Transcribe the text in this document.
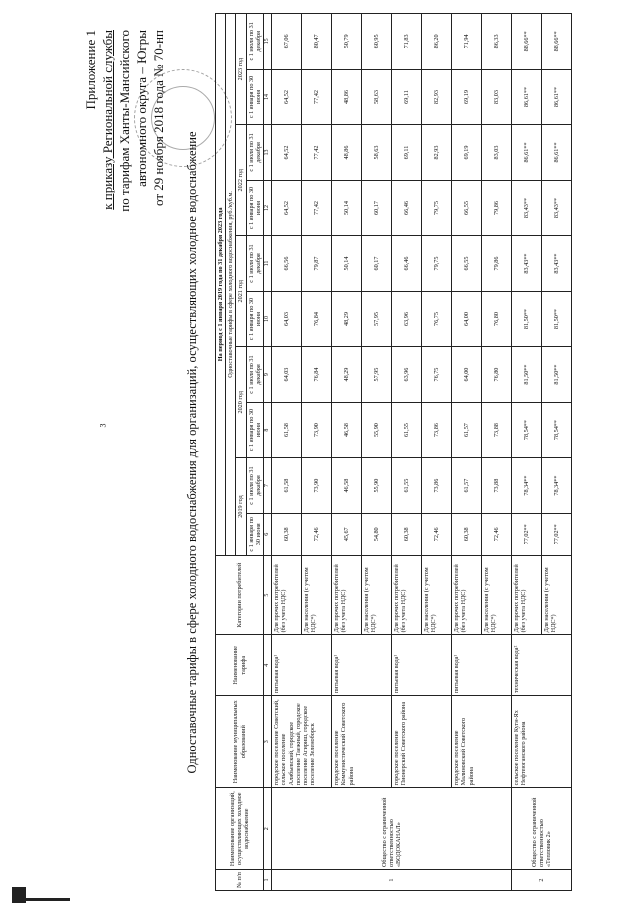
3
Приложение 1 к приказу Региональной службы по тарифам Ханты-Мансийского автономного округа – Югры от 29 ноября 2018 года № 70-нп
Одноставочные тарифы в сфере холодного водоснабжения для организаций, осуществляющих холодное водоснабжение
№ п/п	Наименование организаций, осуществляющих холодное водоснабжение	Наименование муниципальных образований	Наименование тарифа	Категории потребителей	На период с 1 января 2019 года по 31 декабря 2023 года									
					Одноставочные тарифы в сфере холодного водоснабжения, руб./куб.м.									
					2019 год		2020 год		2021 год		2022 год		2023 год	
					с 1 января по 30 июня	с 1 июля по 31 декабря	с 1 января по 30 июня	с 1 июля по 31 декабря	с 1 января по 30 июня	с 1 июля по 31 декабря	с 1 января по 30 июня	с 1 июля по 31 декабря	с 1 января по 30 июня	с 1 июля по 31 декабря
1	2	3	4	5	6	7	8	9	10	11	12	13	14	15
1	Общество с ограниченной ответственностью «ВОДОКАНАЛ»	городское поселение Советский, сельское поселение Алябьевский, городское поселение Таежный, городское поселение Агириш, городское поселение Зеленоборск	питьевая вода¹	Для прочих потребителей (без учета НДС)	60,38	61,58	61,58	64,03	64,03	66,56	64,52	64,52	64,52	67,06
				Для населения (с учетом НДС*)	72,46	73,90	73,90	76,84	76,84	79,87	77,42	77,42	77,42	80,47
		городское поселение Коммунистический Советского района	питьевая вода¹	Для прочих потребителей (без учета НДС)	45,67	46,58	46,58	48,29	48,29	50,14	50,14	48,86	48,86	50,79
				Для населения (с учетом НДС*)	54,80	55,90	55,90	57,95	57,95	60,17	60,17	58,63	58,63	60,95
		городское поселение Пионерский Советского района	питьевая вода¹	Для прочих потребителей (без учета НДС)	60,38	61,55	61,55	63,96	63,96	66,46	66,46	69,11	69,11	71,83
				Для населения (с учетом НДС*)	72,46	73,86	73,86	76,75	76,75	79,75	79,75	82,93	82,93	86,20
		городское поселение Малиновский Советского района	питьевая вода¹	Для прочих потребителей (без учета НДС)	60,38	61,57	61,57	64,00	64,00	66,55	66,55	69,19	69,19	71,94
				Для населения (с учетом НДС*)	72,46	73,88	73,88	76,80	76,80	79,86	79,86	83,03	83,03	86,33
2	Общество с ограниченной ответственностью «Тепловик 2»	сельское поселение Кугн-Ях Нефтеюганского района	техническая вода²	Для прочих потребителей (без учета НДС)	77,02**	78,34**	78,54**	81,50**	81,50**	83,43**	83,43**	86,61**	86,61**	88,66**
				Для населения (с учетом НДС*)	77,02**	78,34**	78,54**	81,50**	81,50**	83,43**	83,43**	86,61**	86,61**	88,66**
